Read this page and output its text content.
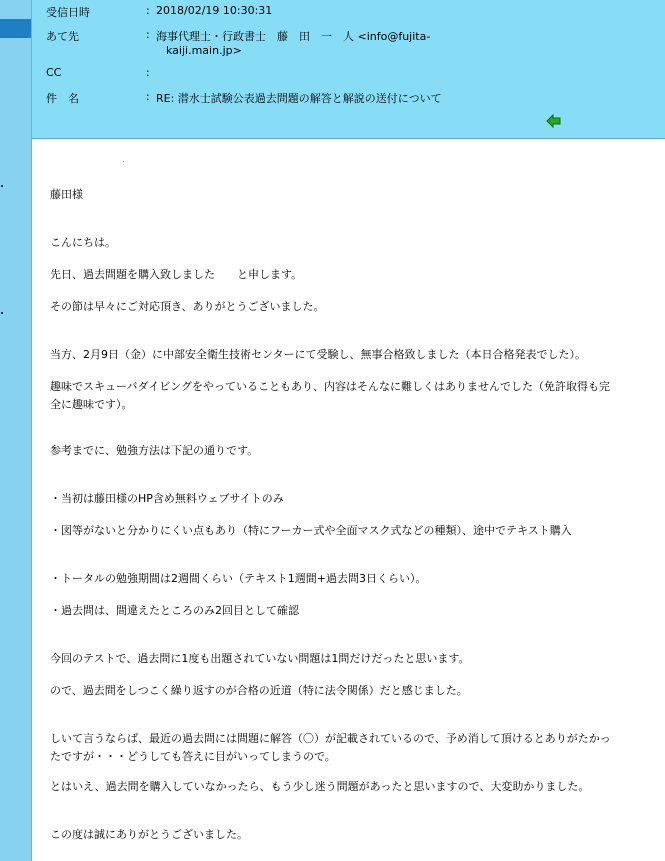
受信日時	: 2018/02/19 10:30:31
あて先	: 海事代理士・行政書士　藤　田　一　人 <info@fujita-
kaiji.main.jp>
CC	:
件　名	: RE: 潜水士試験公表過去問題の解答と解説の送付について
藤田様
こんにちは。
先日、過去問題を購入致しました　　と申します。
その節は早々にご対応頂き、ありがとうございました。
当方、2月9日（金）に中部安全衛生技術センターにて受験し、無事合格致しました（本日合格発表でした）。
趣味でスキューバダイビングをやっていることもあり、内容はそんなに難しくはありませんでした（免許取得も完
全に趣味です）。
参考までに、勉強方法は下記の通りです。
・当初は藤田様のHP含め無料ウェブサイトのみ
・図等がないと分かりにくい点もあり（特にフーカー式や全面マスク式などの種類）、途中でテキスト購入
・トータルの勉強期間は2週間くらい（テキスト1週間+過去問3日くらい）。
・過去問は、間違えたところのみ2回目として確認
今回のテストで、過去問に1度も出題されていない問題は1問だけだったと思います。
ので、過去問をしつこく繰り返すのが合格の近道（特に法令関係）だと感じました。
しいて言うならば、最近の過去問には問題に解答（〇）が記載されているので、予め消して頂けるとありがたかっ
たですが・・・どうしても答えに目がいってしまうので。
とはいえ、過去問を購入していなかったら、もう少し迷う問題があったと思いますので、大変助かりました。
この度は誠にありがとうございました。
